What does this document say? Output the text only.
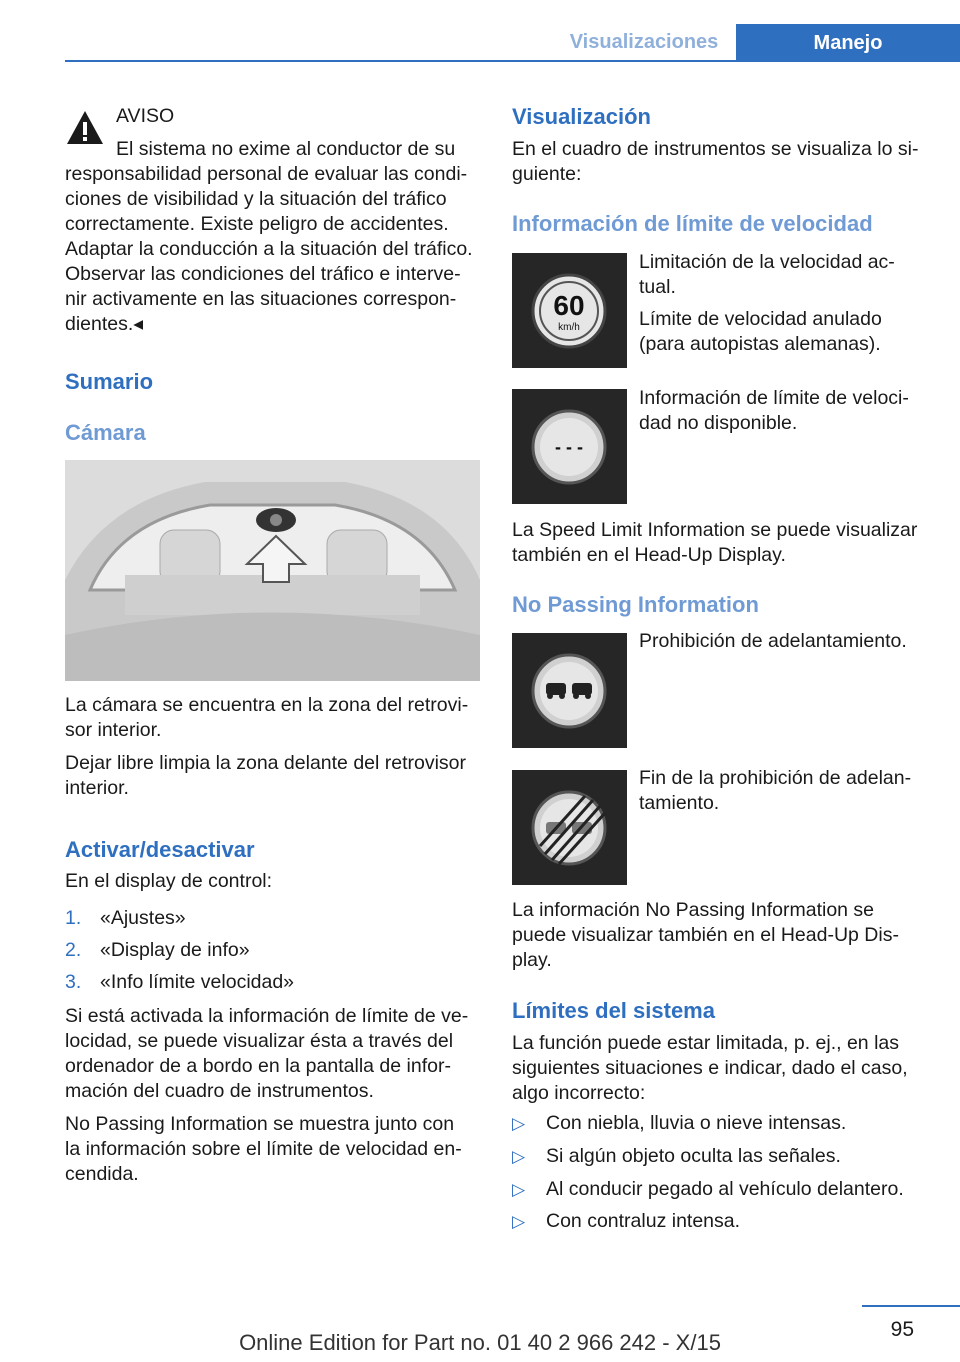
Visualizaciones	Manejo
AVISO
El sistema no exime al conductor de su
responsabilidad personal de evaluar las condi-
ciones de visibilidad y la situación del tráfico
correctamente. Existe peligro de accidentes.
Adaptar la conducción a la situación del tráfico.
Observar las condiciones del tráfico e interve-
nir activamente en las situaciones correspon-
dientes.◂
Sumario
Cámara
La cámara se encuentra en la zona del retrovi-
sor interior.
Dejar libre limpia la zona delante del retrovisor
interior.
Activar/desactivar
En el display de control:
1. «Ajustes»
2. «Display de info»
3. «Info límite velocidad»
Si está activada la información de límite de ve-
locidad, se puede visualizar ésta a través del
ordenador de a bordo en la pantalla de infor-
mación del cuadro de instrumentos.
No Passing Information se muestra junto con
la información sobre el límite de velocidad en-
cendida.
Visualización
En el cuadro de instrumentos se visualiza lo si-
guiente:
Información de límite de velocidad
60
km/h
Limitación de la velocidad ac-
tual.
Límite de velocidad anulado
(para autopistas alemanas).
- - -
Información de límite de veloci-
dad no disponible.
La Speed Limit Information se puede visualizar
también en el Head-Up Display.
No Passing Information
Prohibición de adelantamiento.
Fin de la prohibición de adelan-
tamiento.
La información No Passing Information se
puede visualizar también en el Head-Up Dis-
play.
Límites del sistema
La función puede estar limitada, p. ej., en las
siguientes situaciones e indicar, dado el caso,
algo incorrecto:
▷ Con niebla, lluvia o nieve intensas.
▷ Si algún objeto oculta las señales.
▷ Al conducir pegado al vehículo delantero.
▷ Con contraluz intensa.
95
Online Edition for Part no. 01 40 2 966 242 - X/15
